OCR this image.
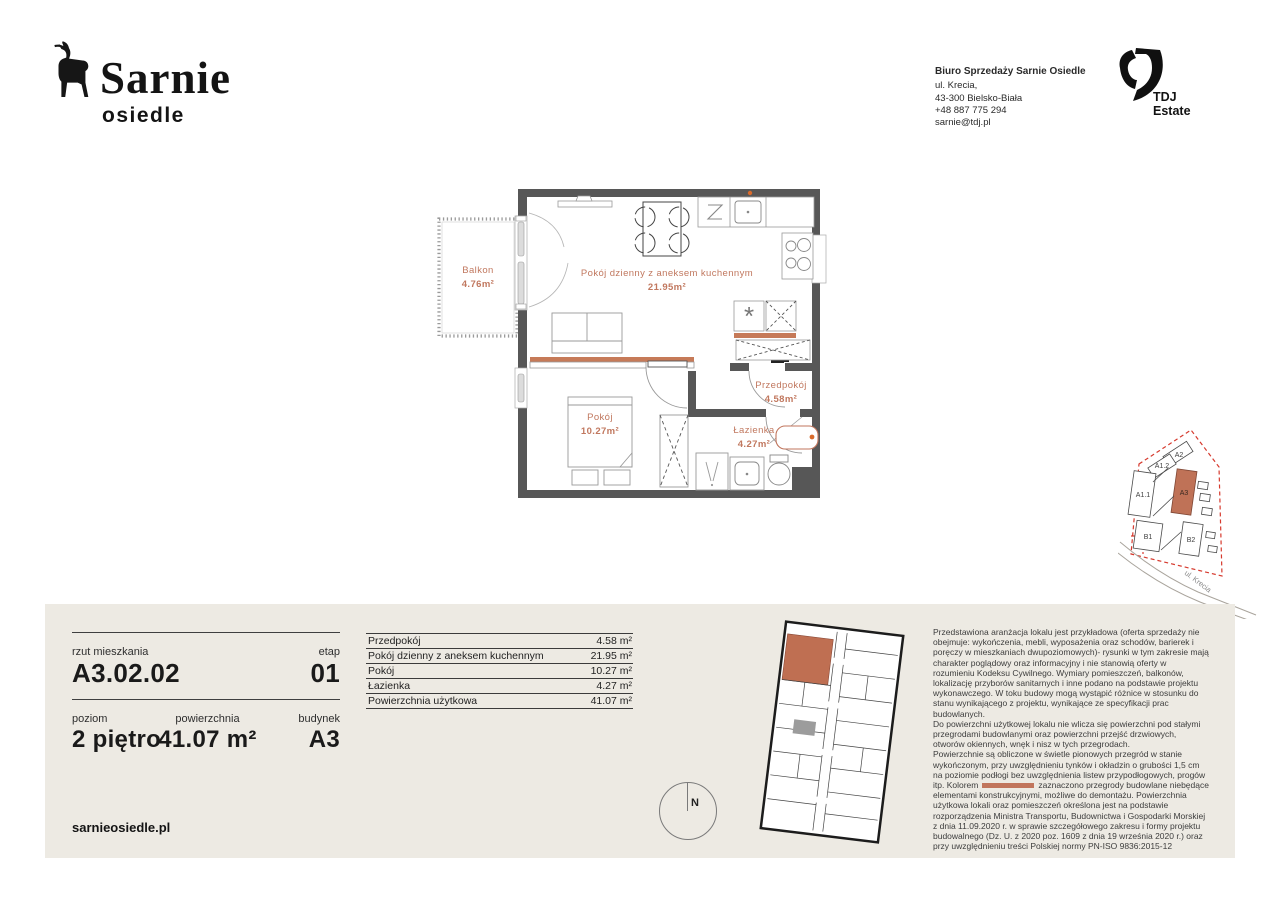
Sarnie
osiedle
Biuro Sprzedaży Sarnie Osiedle
ul. Krecia,
43-300 Bielsko-Biała
+48 887 775 294
sarnie@tdj.pl
TDJ
Estate
*
Balkon
4.76m²
Pokój dzienny z aneksem kuchennym
21.95m²
Pokój
10.27m²
Przedpokój
4.58m²
Łazienka
4.27m²
A2
A1.2
A1.1	A3
B1	B2
ul. Krecia
rzut mieszkania
A3.02.02
etap
01
poziom
2 piętro
powierzchnia
41.07 m²
budynek
A3
sarnieosiedle.pl
Przedpokój	4.58 m²
Pokój dzienny z aneksem kuchennym	21.95 m²
Pokój	10.27 m²
Łazienka	4.27 m²
Powierzchnia użytkowa	41.07 m²
N

Przedstawiona aranżacja lokalu jest przykładowa (oferta sprzedaży nie obejmuje: wykończenia, mebli, wyposażenia oraz schodów, barierek i poręczy w mieszkaniach dwupoziomowych)- rysunki w tym zakresie mają charakter poglądowy oraz informacyjny i nie stanowią oferty w rozumieniu Kodeksu Cywilnego. Wymiary pomieszczeń, balkonów, lokalizację przyborów sanitarnych i inne podano na podstawie projektu wykonawczego. W toku budowy mogą wystąpić różnice w stosunku do stanu wynikającego z projektu, wynikające ze specyfikacji prac budowlanych.

Do powierzchni użytkowej lokalu nie wlicza się powierzchni pod stałymi przegrodami budowlanymi oraz powierzchni przejść drzwiowych, otworów okiennych, wnęk i nisz w tych przegrodach.

Powierzchnie są obliczone w świetle pionowych przegród w stanie wykończonym, przy uwzględnieniu tynków i okładzin o grubości 1,5 cm na poziomie podłogi bez uwzględnienia listew przypodłogowych, progów itp. Kolorem	zaznaczono przegrody budowlane niebędące elementami konstrukcyjnymi, możliwe do demontażu. Powierzchnia użytkowa lokali oraz pomieszczeń określona jest na podstawie rozporządzenia Ministra Transportu, Budownictwa i Gospodarki Morskiej z dnia 11.09.2020 r. w sprawie szczegółowego zakresu i formy projektu budowalnego (Dz. U. z 2020 poz. 1609 z dnia 19 września 2020 r.) oraz przy uwzględnieniu treści Polskiej normy PN-ISO 9836:2015-12
